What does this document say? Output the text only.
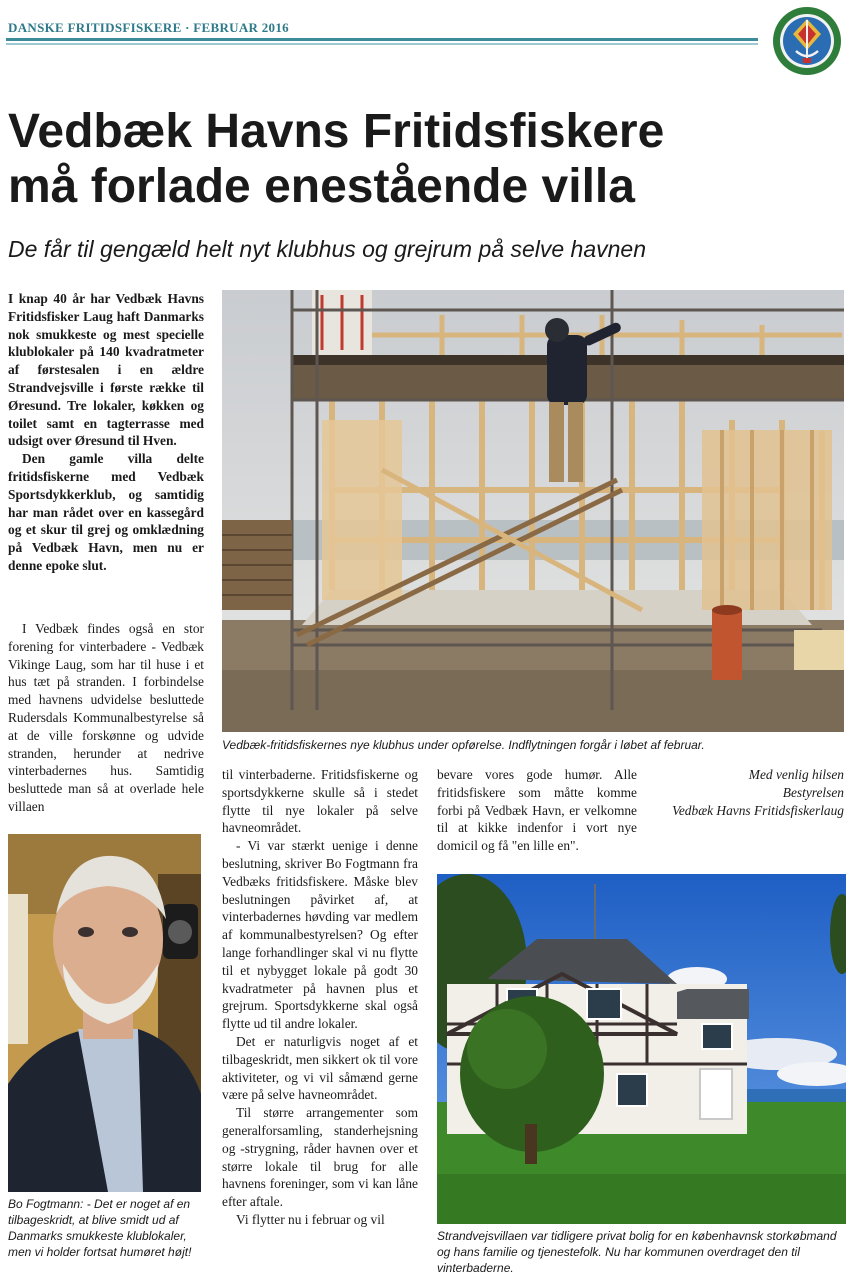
DANSKE FRITIDSFISKERE · FEBRUAR 2016
Vedbæk Havns Fritidsfiskere
må forlade enestående villa
De får til gengæld helt nyt klubhus og grejrum på selve havnen

I knap 40 år har Vedbæk Havns Fritidsfisker Laug haft Danmarks nok smukkeste og mest specielle klublokaler på 140 kvadratmeter af førstesalen i en ældre Strandvejsville i første række til Øresund. Tre lokaler, køkken og toilet samt en tagterrasse med udsigt over Øresund til Hven.

Den gamle villa delte fritidsfiskerne med Vedbæk Sportsdykkerklub, og samtidig har man rådet over en kassegård og et skur til grej og omklædning på Vedbæk Havn, men nu er denne epoke slut.

I Vedbæk findes også en stor forening for vinterbadere - Vedbæk Vikinge Laug, som har til huse i et hus tæt på stranden. I forbindelse med havnens udvidelse besluttede Rudersdals Kommunalbestyrelse så at de ville forskønne og udvide stranden, herunder at nedrive vinterbadernes hus. Samtidig besluttede man så at overlade hele villaen

Vedbæk-fritidsfiskernes nye klubhus under opførelse. Indflytningen forgår i løbet af februar.
Bo Fogtmann: - Det er noget af en tilbageskridt, at blive smidt ud af Danmarks smukkeste klublokaler, men vi holder fortsat humøret højt!

til vinterbaderne. Fritidsfiskerne og sportsdykkerne skulle så i stedet flytte til nye lokaler på selve havneområdet.

- Vi var stærkt uenige i denne beslutning, skriver Bo Fogtmann fra Vedbæks fritidsfiskere. Måske blev beslutningen påvirket af, at vinterbadernes høvding var medlem af kommunalbestyrelsen? Og efter lange forhandlinger skal vi nu flytte til et nybygget lokale på godt 30 kvadratmeter på havnen plus et grejrum. Sportsdykkerne skal også flytte ud til andre lokaler.

Det er naturligvis noget af et tilbageskridt, men sikkert ok til vore aktiviteter, og vi vil såmænd gerne være på selve havneområdet.

Til større arrangementer som generalforsamling, standerhejsning og -strygning, råder havnen over et større lokale til brug for alle havnens foreninger, som vi kan låne efter aftale.

Vi flytter nu i februar og vil

bevare vores gode humør. Alle fritidsfiskere som måtte komme forbi på Vedbæk Havn, er velkomne til at kikke indenfor i vort nye domicil og få "en lille en".

Med venlig hilsen
Bestyrelsen
Vedbæk Havns Fritidsfiskerlaug
Strandvejsvillaen var tidligere privat bolig for en københavnsk storkøbmand og hans familie og tjenestefolk. Nu har kommunen overdraget den til vinterbaderne.
